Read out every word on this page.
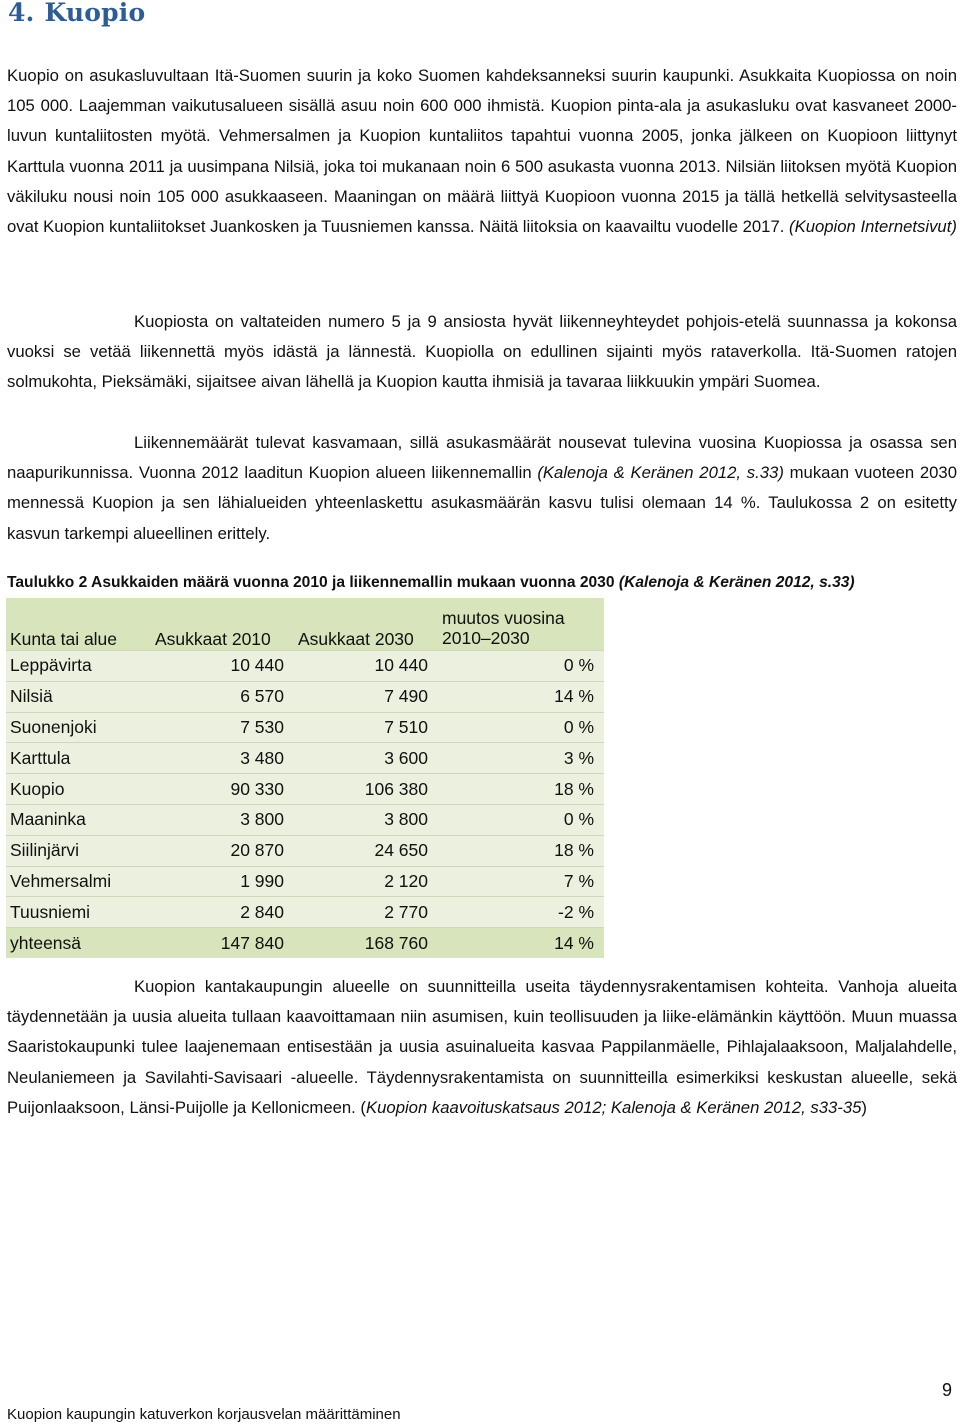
4. Kuopio

Kuopio on asukasluvultaan Itä-Suomen suurin ja koko Suomen kahdeksanneksi suurin kaupunki. Asukkaita Kuopiossa on noin 105 000. Laajemman vaikutusalueen sisällä asuu noin 600 000 ihmistä. Kuopion pinta-ala ja asukasluku ovat kasvaneet 2000-luvun kuntaliitosten myötä. Vehmersalmen ja Kuopion kuntaliitos tapahtui vuonna 2005, jonka jälkeen on Kuopioon liittynyt Karttula vuonna 2011 ja uusimpana Nilsiä, joka toi mukanaan noin 6 500 asukasta vuonna 2013. Nilsiän liitoksen myötä Kuopion väkiluku nousi noin 105 000 asukkaaseen. Maaningan on määrä liittyä Kuopioon vuonna 2015 ja tällä hetkellä selvitysasteella ovat Kuopion kuntaliitokset Juankosken ja Tuusniemen kanssa. Näitä liitoksia on kaavailtu vuodelle 2017. (Kuopion Internetsivut)

Kuopiosta on valtateiden numero 5 ja 9 ansiosta hyvät liikenneyhteydet pohjois-etelä suunnassa ja kokonsa vuoksi se vetää liikennettä myös idästä ja lännestä. Kuopiolla on edullinen sijainti myös rataverkolla. Itä-Suomen ratojen solmukohta, Pieksämäki, sijaitsee aivan lähellä ja Kuopion kautta ihmisiä ja tavaraa liikkuukin ympäri Suomea.

Liikennemäärät tulevat kasvamaan, sillä asukasmäärät nousevat tulevina vuosina Kuopiossa ja osassa sen naapurikunnissa. Vuonna 2012 laaditun Kuopion alueen liikennemallin (Kalenoja & Keränen 2012, s.33) mukaan vuoteen 2030 mennessä Kuopion ja sen lähialueiden yhteenlaskettu asukasmäärän kasvu tulisi olemaan 14 %. Taulukossa 2 on esitetty kasvun tarkempi alueellinen erittely.

Taulukko 2 Asukkaiden määrä vuonna 2010 ja liikennemallin mukaan vuonna 2030 (Kalenoja & Keränen 2012, s.33)

Kunta tai alue	Asukkaat 2010	Asukkaat 2030	muutos vuosina
2010–2030
Leppävirta	10 440	10 440	0 %
Nilsiä	6 570	7 490	14 %
Suonenjoki	7 530	7 510	0 %
Karttula	3 480	3 600	3 %
Kuopio	90 330	106 380	18 %
Maaninka	3 800	3 800	0 %
Siilinjärvi	20 870	24 650	18 %
Vehmersalmi	1 990	2 120	7 %
Tuusniemi	2 840	2 770	-2 %
yhteensä	147 840	168 760	14 %

Kuopion kantakaupungin alueelle on suunnitteilla useita täydennysrakentamisen kohteita. Vanhoja alueita täydennetään ja uusia alueita tullaan kaavoittamaan niin asumisen, kuin teollisuuden ja liike-elämänkin käyttöön. Muun muassa Saaristokaupunki tulee laajenemaan entisestään ja uusia asuinalueita kasvaa Pappilanmäelle, Pihlajalaaksoon, Maljalahdelle, Neulaniemeen ja Savilahti-Savisaari -alueelle. Täydennysrakentamista on suunnitteilla esimerkiksi keskustan alueelle, sekä Puijonlaaksoon, Länsi-Puijolle ja Kellonicmeen. (Kuopion kaavoituskatsaus 2012; Kalenoja & Keränen 2012, s33-35)

9

Kuopion kaupungin katuverkon korjausvelan määrittäminen
